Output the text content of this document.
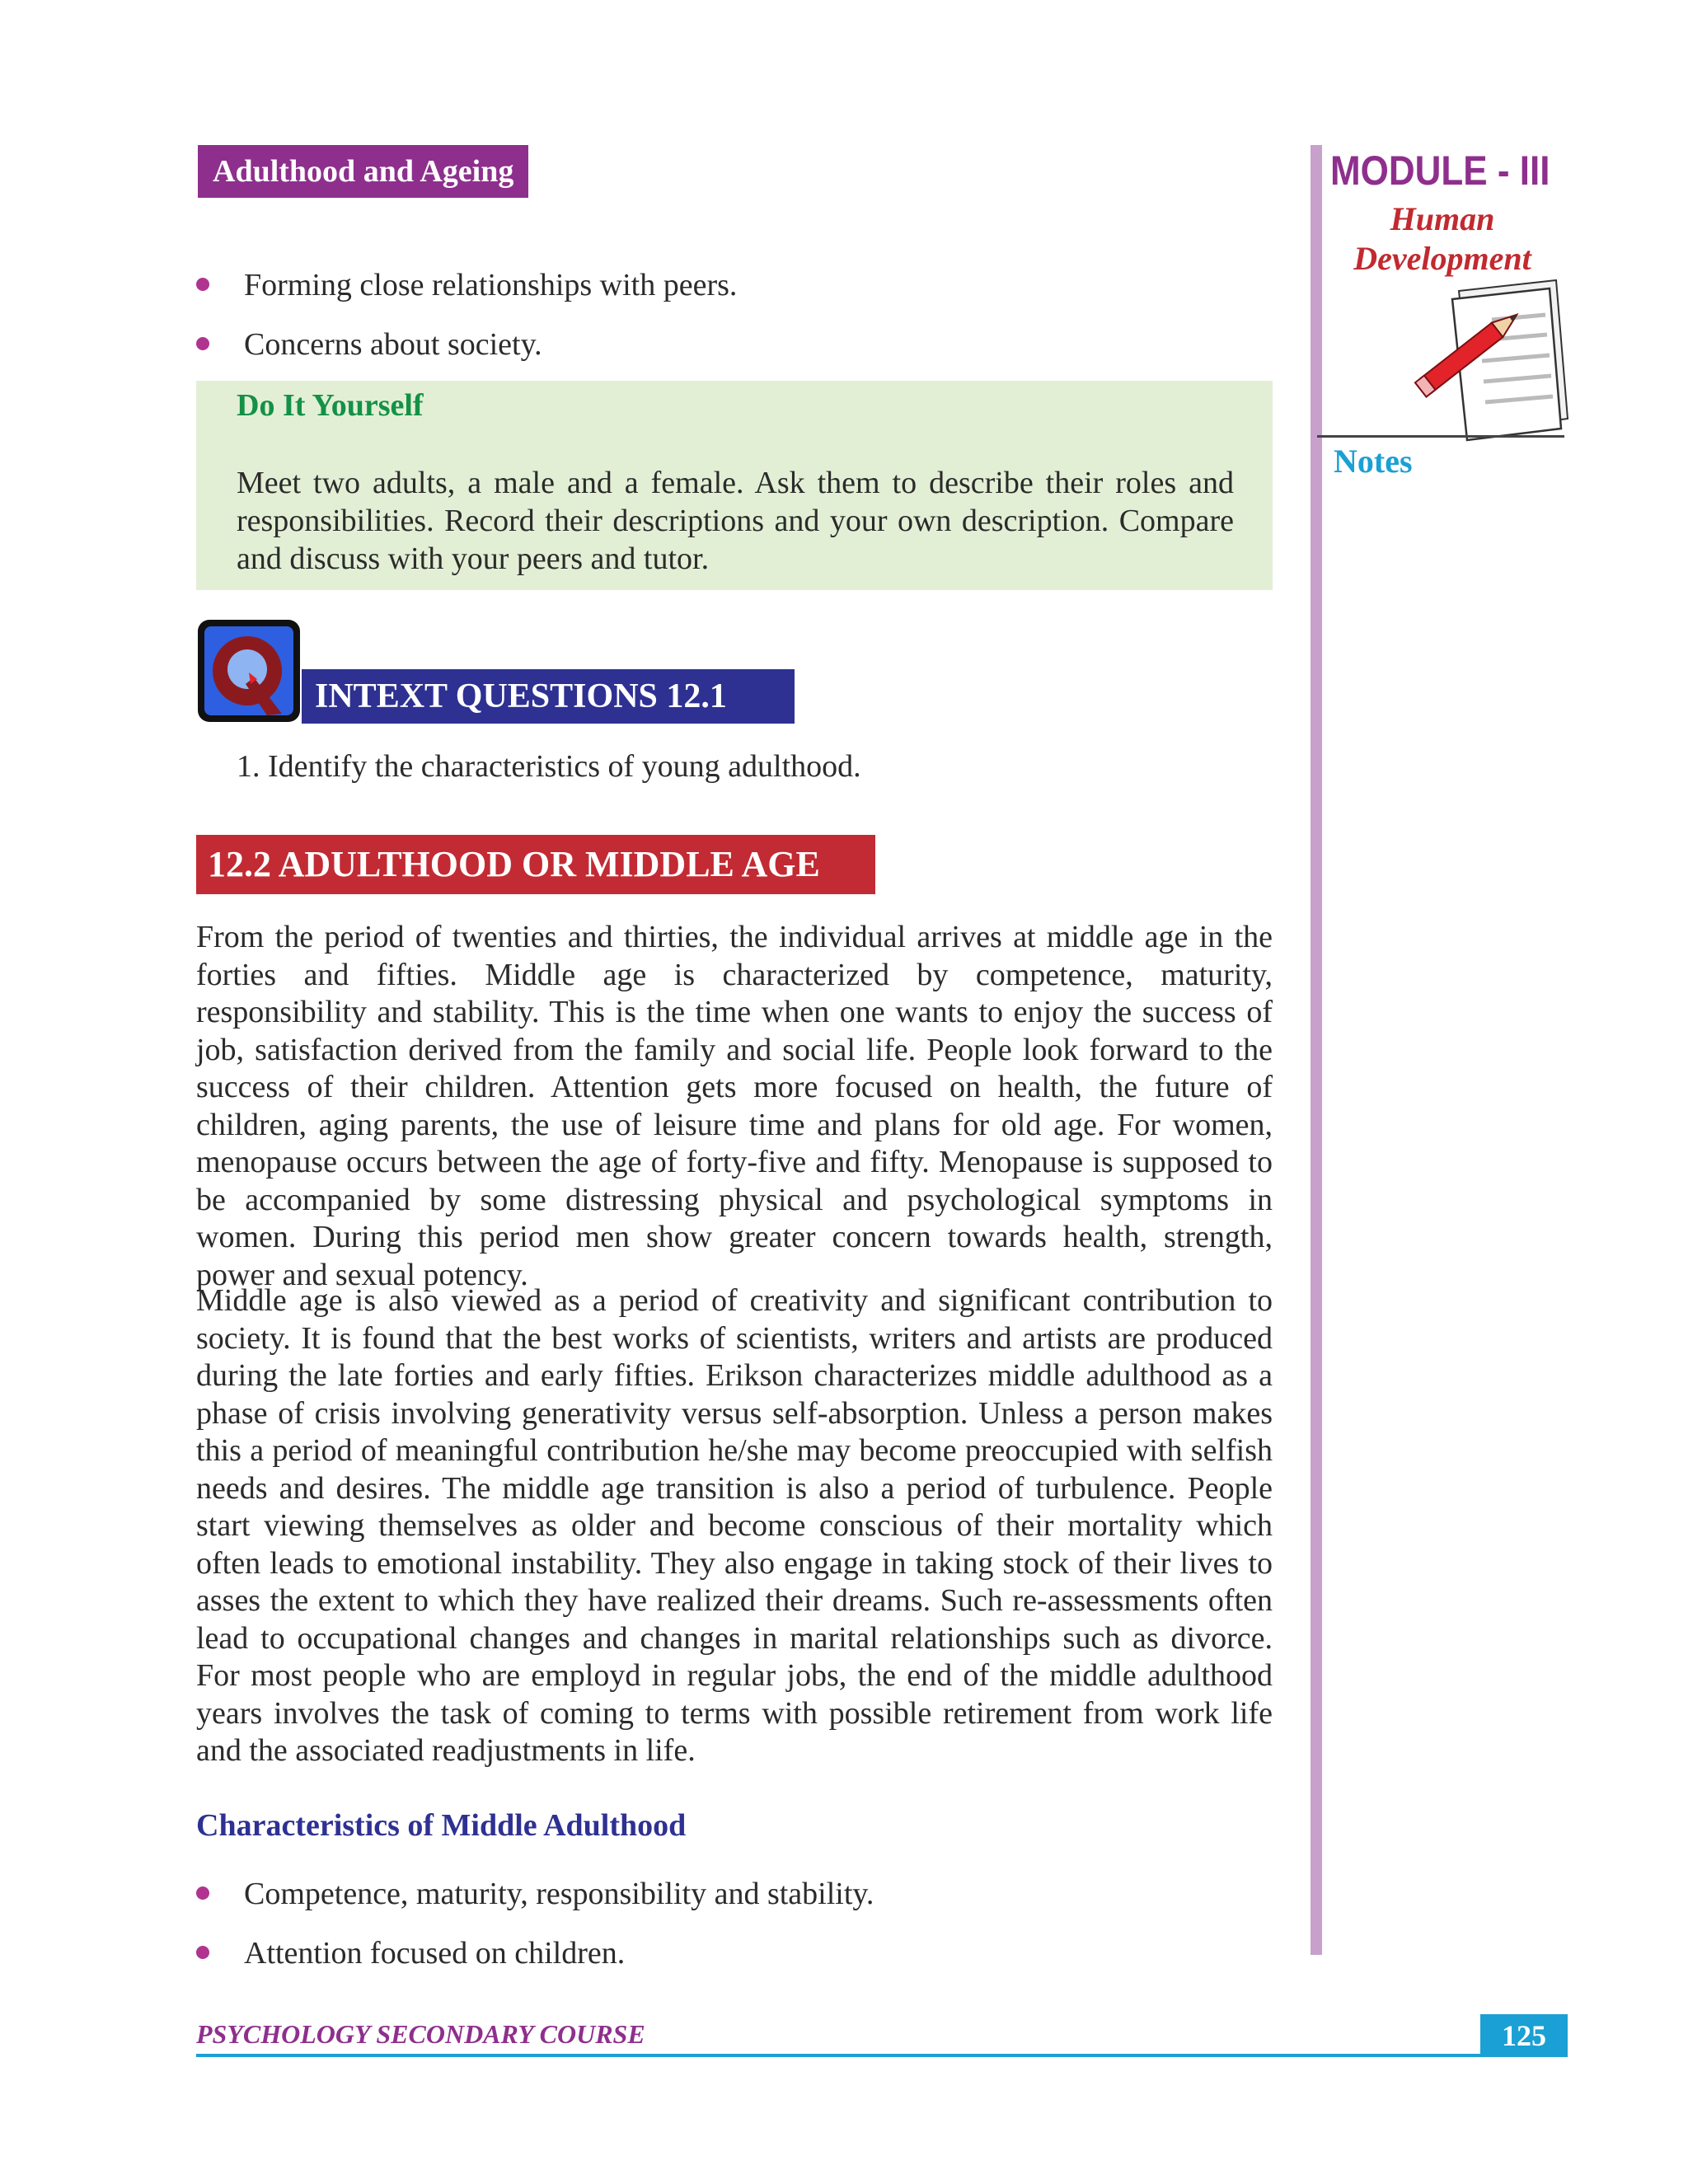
Adulthood and Ageing	MODULE - III
Human
Development
Notes
Forming close relationships with peers.
Concerns about society.
Do It Yourself
Meet two adults, a male and a female. Ask them to describe their roles and responsibilities. Record their descriptions and your own description. Compare and discuss with your peers and tutor.
INTEXT QUESTIONS 12.1
1. Identify the characteristics of young adulthood.
12.2 ADULTHOOD OR MIDDLE AGE
From the period of twenties and thirties, the individual arrives at middle age in the forties and fifties. Middle age is characterized by competence, maturity, responsibility and stability. This is the time when one wants to enjoy the success of job, satisfaction derived from the family and social life. People look forward to the success of their children. Attention gets more focused on health, the future of children, aging parents, the use of leisure time and plans for old age. For women, menopause occurs between the age of forty-five and fifty. Menopause is supposed to be accompanied by some distressing physical and psychological symptoms in women. During this period men show greater concern towards health, strength, power and sexual potency.
Middle age is also viewed as a period of creativity and significant contribution to society. It is found that the best works of scientists, writers and artists are produced during the late forties and early fifties. Erikson characterizes middle adulthood as a phase of crisis involving generativity versus self-absorption. Unless a person makes this a period of meaningful contribution he/she may become preoccupied with selfish needs and desires. The middle age transition is also a period of turbulence. People start viewing themselves as older and become conscious of their mortality which often leads to emotional instability. They also engage in taking stock of their lives to asses the extent to which they have realized their dreams. Such re-assessments often lead to occupational changes and changes in marital relationships such as divorce. For most people who are employd in regular jobs, the end of the middle adulthood years involves the task of coming to terms with possible retirement from work life and the associated readjustments in life.
Characteristics of Middle Adulthood
Competence, maturity, responsibility and stability.
Attention focused on children.
PSYCHOLOGY SECONDARY COURSE	125
